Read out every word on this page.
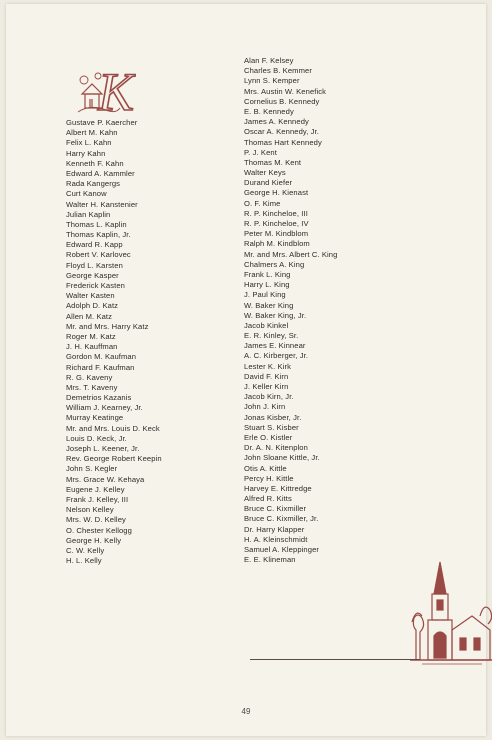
K
Gustave P. Kaercher
Albert M. Kahn
Felix L. Kahn
Harry Kahn
Kenneth F. Kahn
Edward A. Kammler
Rada Kangergs
Curt Kanow
Walter H. Kanstenier
Julian Kaplin
Thomas L. Kaplin
Thomas Kaplin, Jr.
Edward R. Kapp
Robert V. Karlovec
Floyd L. Karsten
George Kasper
Frederick Kasten
Walter Kasten
Adolph D. Katz
Allen M. Katz
Mr. and Mrs. Harry Katz
Roger M. Katz
J. H. Kauffman
Gordon M. Kaufman
Richard F. Kaufman
R. G. Kaveny
Mrs. T. Kaveny
Demetrios Kazanis
William J. Kearney, Jr.
Murray Keatinge
Mr. and Mrs. Louis D. Keck
Louis D. Keck, Jr.
Joseph L. Keener, Jr.
Rev. George Robert Keepin
John S. Kegler
Mrs. Grace W. Kehaya
Eugene J. Kelley
Frank J. Kelley, III
Nelson Kelley
Mrs. W. D. Kelley
O. Chester Kellogg
George H. Kelly
C. W. Kelly
H. L. Kelly
Alan F. Kelsey
Charles B. Kemmer
Lynn S. Kemper
Mrs. Austin W. Kenefick
Cornelius B. Kennedy
E. B. Kennedy
James A. Kennedy
Oscar A. Kennedy, Jr.
Thomas Hart Kennedy
P. J. Kent
Thomas M. Kent
Walter Keys
Durand Kiefer
George H. Kienast
O. F. Kime
R. P. Kincheloe, III
R. P. Kincheloe, IV
Peter M. Kindblom
Ralph M. Kindblom
Mr. and Mrs. Albert C. King
Chalmers A. King
Frank L. King
Harry L. King
J. Paul King
W. Baker King
W. Baker King, Jr.
Jacob Kinkel
E. R. Kinley, Sr.
James E. Kinnear
A. C. Kirberger, Jr.
Lester K. Kirk
David F. Kirn
J. Keller Kirn
Jacob Kirn, Jr.
John J. Kirn
Jonas Kisber, Jr.
Stuart S. Kisber
Erle O. Kistler
Dr. A. N. Kitenplon
John Sloane Kittle, Jr.
Otis A. Kittle
Percy H. Kittle
Harvey E. Kittredge
Alfred R. Kitts
Bruce C. Kixmiller
Bruce C. Kixmiller, Jr.
Dr. Harry Klapper
H. A. Kleinschmidt
Samuel A. Kleppinger
E. E. Klineman
49
